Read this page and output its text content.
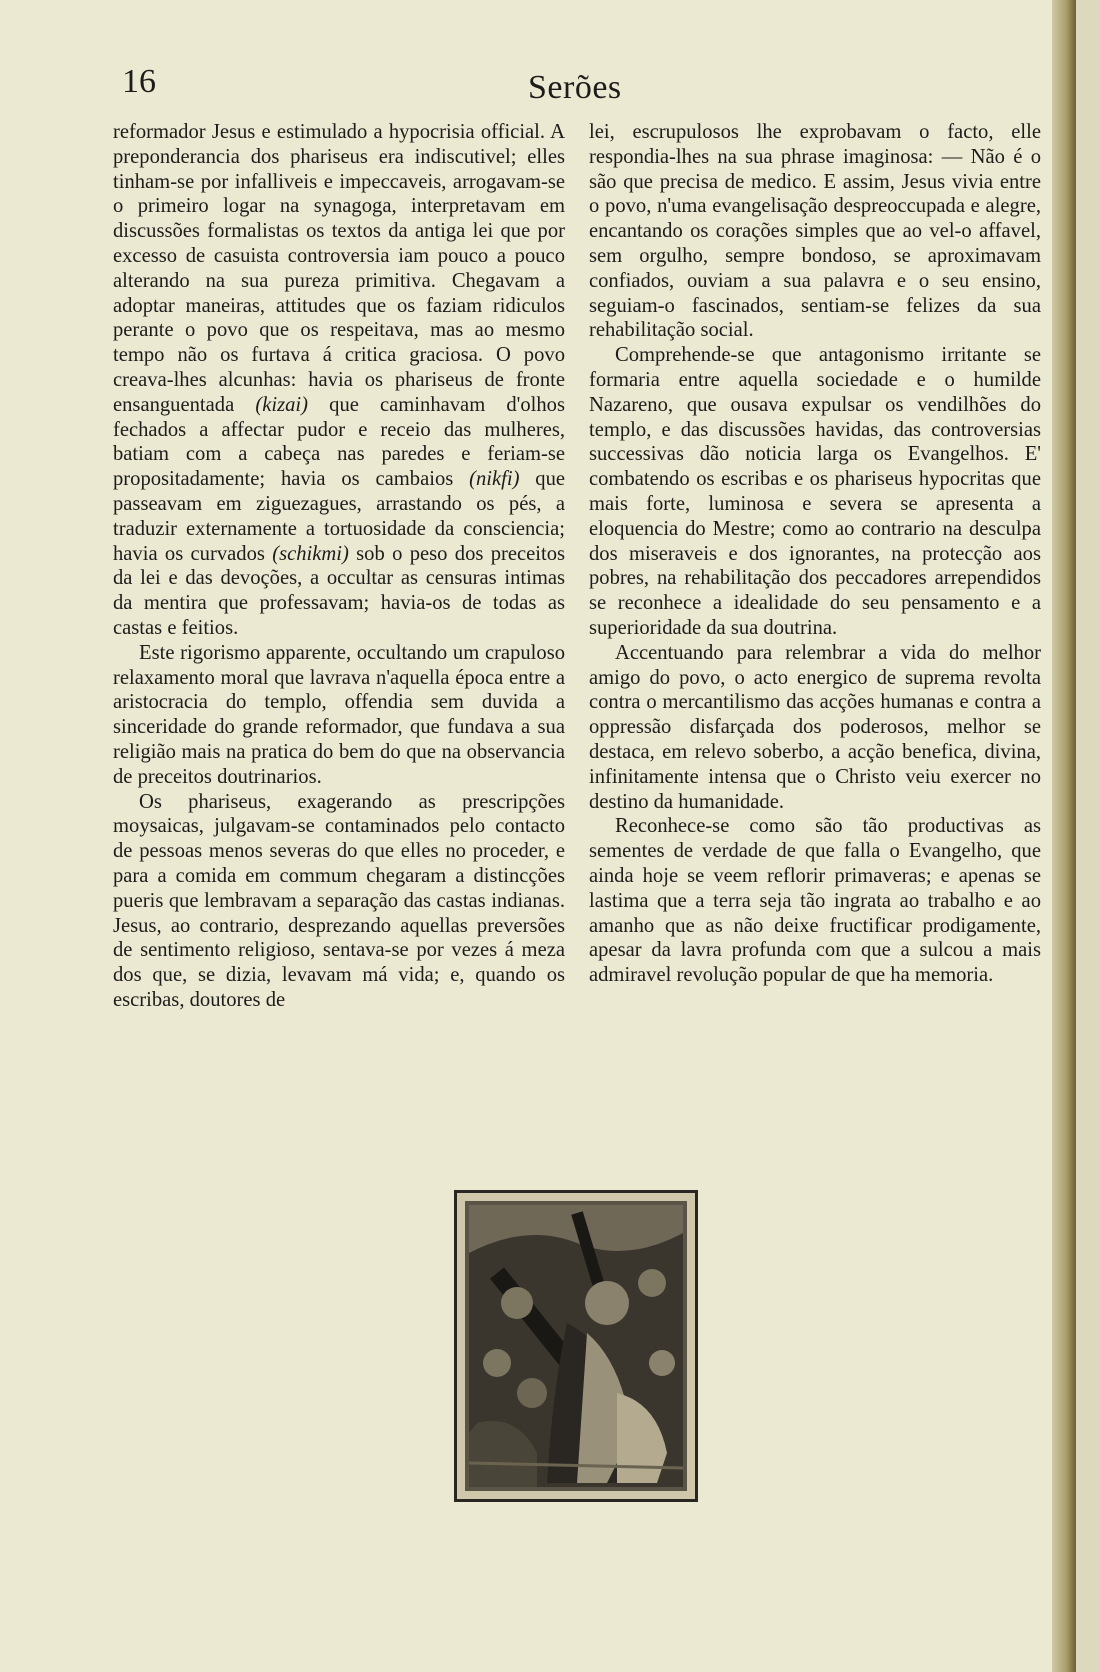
16	Serões

reformador Jesus e estimulado a hypocrisia official. A preponderancia dos phariseus era indiscutivel; elles tinham-se por infalliveis e impeccaveis, arrogavam-se o primeiro logar na synagoga, interpretavam em discussões formalistas os textos da antiga lei que por excesso de casuista controversia iam pouco a pouco alterando na sua pureza primitiva. Chegavam a adoptar maneiras, attitudes que os faziam ridiculos perante o povo que os respeitava, mas ao mesmo tempo não os furtava á critica graciosa. O povo creava-lhes alcunhas: havia os phariseus de fronte ensanguentada (kizai) que caminhavam d'olhos fechados a affectar pudor e receio das mulheres, batiam com a cabeça nas paredes e feriam-se propositadamente; havia os cambaios (nikfi) que passeavam em ziguezagues, arrastando os pés, a traduzir externamente a tortuosidade da consciencia; havia os curvados (schikmi) sob o peso dos preceitos da lei e das devoções, a occultar as censuras intimas da mentira que professavam; havia-os de todas as castas e feitios.

Este rigorismo apparente, occultando um crapuloso relaxamento moral que lavrava n'aquella época entre a aristocracia do templo, offendia sem duvida a sinceridade do grande reformador, que fundava a sua religião mais na pratica do bem do que na observancia de preceitos doutrinarios.

Os phariseus, exagerando as prescripções moysaicas, julgavam-se contaminados pelo contacto de pessoas menos severas do que elles no proceder, e para a comida em commum chegaram a distincções pueris que lembravam a separação das castas indianas. Jesus, ao contrario, desprezando aquellas preversões de sentimento religioso, sentava-se por vezes á meza dos que, se dizia, levavam má vida; e, quando os escribas, doutores de

lei, escrupulosos lhe exprobavam o facto, elle respondia-lhes na sua phrase imaginosa: — Não é o são que precisa de medico. E assim, Jesus vivia entre o povo, n'uma evangelisação despreoccupada e alegre, encantando os corações simples que ao vel-o affavel, sem orgulho, sempre bondoso, se aproximavam confiados, ouviam a sua palavra e o seu ensino, seguiam-o fascinados, sentiam-se felizes da sua rehabilitação social.

Comprehende-se que antagonismo irritante se formaria entre aquella sociedade e o humilde Nazareno, que ousava expulsar os vendilhões do templo, e das discussões havidas, das controversias successivas dão noticia larga os Evangelhos. E' combatendo os escribas e os phariseus hypocritas que mais forte, luminosa e severa se apresenta a eloquencia do Mestre; como ao contrario na desculpa dos miseraveis e dos ignorantes, na protecção aos pobres, na rehabilitação dos peccadores arrependidos se reconhece a idealidade do seu pensamento e a superioridade da sua doutrina.

Accentuando para relembrar a vida do melhor amigo do povo, o acto energico de suprema revolta contra o mercantilismo das acções humanas e contra a oppressão disfarçada dos poderosos, melhor se destaca, em relevo soberbo, a acção benefica, divina, infinitamente intensa que o Christo veiu exercer no destino da humanidade.

Reconhece-se como são tão productivas as sementes de verdade de que falla o Evangelho, que ainda hoje se veem reflorir primaveras; e apenas se lastima que a terra seja tão ingrata ao trabalho e ao amanho que as não deixe fructificar prodigamente, apesar da lavra profunda com que a sulcou a mais admiravel revolução popular de que ha memoria.
